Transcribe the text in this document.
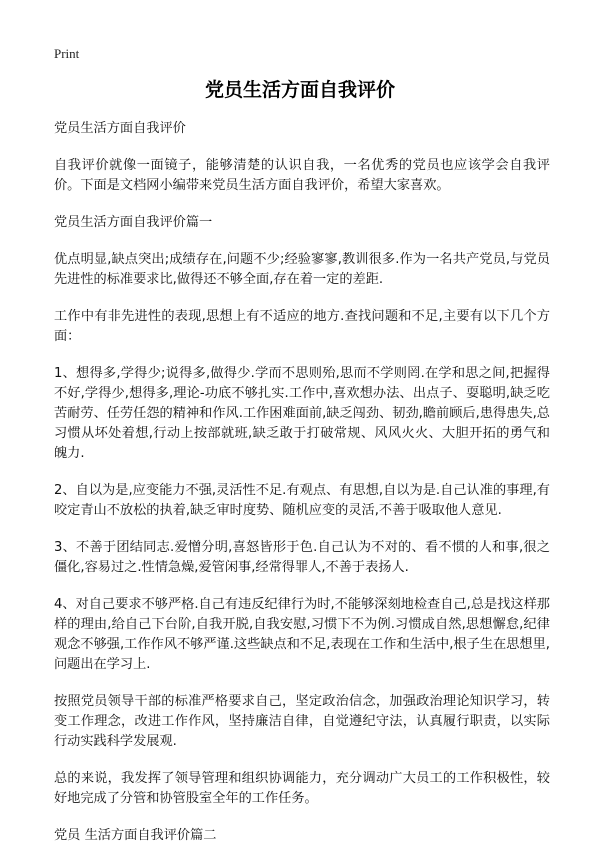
Print
党员生活方面自我评价

党员生活方面自我评价

自我评价就像一面镜子，能够清楚的认识自我，一名优秀的党员也应该学会自我评价。下面是文档网小编带来党员生活方面自我评价，希望大家喜欢。

党员生活方面自我评价篇一

优点明显,缺点突出;成绩存在,问题不少;经验寥寥,教训很多.作为一名共产党员,与党员先进性的标准要求比,做得还不够全面,存在着一定的差距.

工作中有非先进性的表现,思想上有不适应的地方.查找问题和不足,主要有以下几个方面：

1、想得多,学得少;说得多,做得少.学而不思则殆,思而不学则罔.在学和思之间,把握得不好,学得少,想得多,理论-功底不够扎实.工作中,喜欢想办法、出点子、耍聪明,缺乏吃苦耐劳、任劳任怨的精神和作风.工作困难面前,缺乏闯劲、韧劲,瞻前顾后,患得患失,总习惯从坏处着想,行动上按部就班,缺乏敢于打破常规、风风火火、大胆开拓的勇气和魄力.

2、自以为是,应变能力不强,灵活性不足.有观点、有思想,自以为是.自己认准的事理,有咬定青山不放松的执着,缺乏审时度势、随机应变的灵活,不善于吸取他人意见.

3、不善于团结同志.爱憎分明,喜怒皆形于色.自己认为不对的、看不惯的人和事,很之僵化,容易过之.性情急燥,爱管闲事,经常得罪人,不善于表扬人.

4、对自己要求不够严格.自己有违反纪律行为时,不能够深刻地检查自己,总是找这样那样的理由,给自己下台阶,自我开脱,自我安慰,习惯下不为例.习惯成自然,思想懈怠,纪律观念不够强,工作作风不够严谨.这些缺点和不足,表现在工作和生活中,根子生在思想里,问题出在学习上.

按照党员领导干部的标准严格要求自己，坚定政治信念，加强政治理论知识学习，转变工作理念，改进工作作风，坚持廉洁自律，自觉遵纪守法，认真履行职责，以实际行动实践科学发展观.

总的来说，我发挥了领导管理和组织协调能力，充分调动广大员工的工作积极性，较好地完成了分管和协管股室全年的工作任务。

党员 生活方面自我评价篇二
